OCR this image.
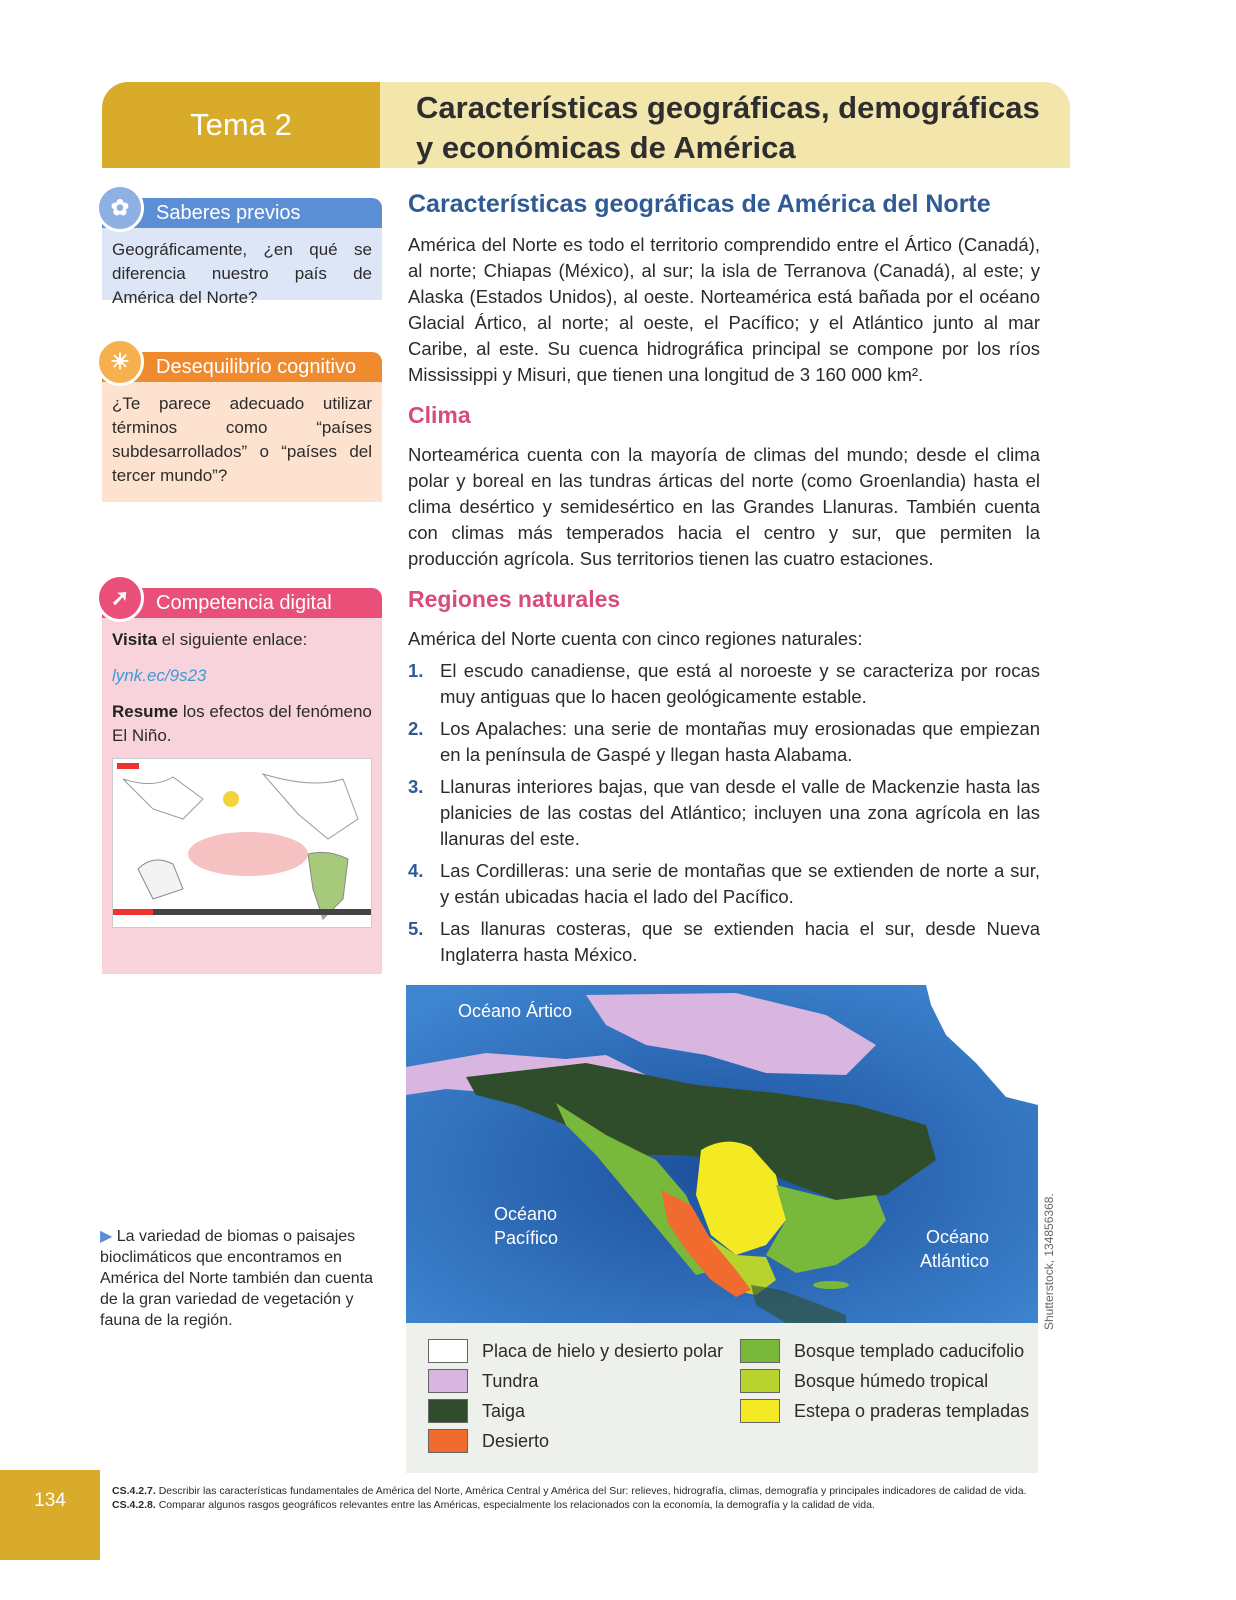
Tema 2	Características geográficas, demográficas
y económicas de América
✿	Saberes previos
Geográficamente, ¿en qué se diferencia nuestro país de América del Norte?
☀	Desequilibrio cognitivo
¿Te parece adecuado utilizar términos como “países subdesarrollados” o “países del tercer mundo”?
➚	Competencia digital
Visita el siguiente enlace:
lynk.ec/9s23
Resume los efectos del fenómeno El Niño.
▶ La variedad de biomas o paisajes bioclimáticos que encontramos en América del Norte también dan cuenta de la gran variedad de vegetación y fauna de la región.
Características geográficas de América del Norte

América del Norte es todo el territorio comprendido entre el Ártico (Canadá), al norte; Chiapas (México), al sur; la isla de Terranova (Canadá), al este; y Alaska (Estados Unidos), al oeste. Norteamérica está bañada por el océano Glacial Ártico, al norte; al oeste, el Pacífico; y el Atlántico junto al mar Caribe, al este. Su cuenca hidrográfica principal se compone por los ríos Mississippi y Misuri, que tienen una longitud de 3 160 000 km².

Clima

Norteamérica cuenta con la mayoría de climas del mundo; desde el clima polar y boreal en las tundras árticas del norte (como Groenlandia) hasta el clima desértico y semidesértico en las Grandes Llanuras. También cuenta con climas más temperados hacia el centro y sur, que permiten la producción agrícola. Sus territorios tienen las cuatro estaciones.

Regiones naturales

América del Norte cuenta con cinco regiones naturales:

1. El escudo canadiense, que está al noroeste y se caracteriza por rocas muy antiguas que lo hacen geológicamente estable.
2. Los Apalaches: una serie de montañas muy erosionadas que empiezan en la península de Gaspé y llegan hasta Alabama.
3. Llanuras interiores bajas, que van desde el valle de Mackenzie hasta las planicies de las costas del Atlántico; incluyen una zona agrícola en las llanuras del este.
4. Las Cordilleras: una serie de montañas que se extienden de norte a sur, y están ubicadas hacia el lado del Pacífico.
5. Las llanuras costeras, que se extienden hacia el sur, desde Nueva Inglaterra hasta México.
Océano Ártico
Océano
Pacífico	Océano
Atlántico	Shutterstock, 134856368.
Placa de hielo y desierto polar
Tundra
Taiga
Desierto
Bosque templado caducifolio
Bosque húmedo tropical
Estepa o praderas templadas
134	CS.4.2.7. Describir las características fundamentales de América del Norte, América Central y América del Sur: relieves, hidrografía, climas, demografía y principales indicadores de calidad de vida.
CS.4.2.8. Comparar algunos rasgos geográficos relevantes entre las Américas, especialmente los relacionados con la economía, la demografía y la calidad de vida.
